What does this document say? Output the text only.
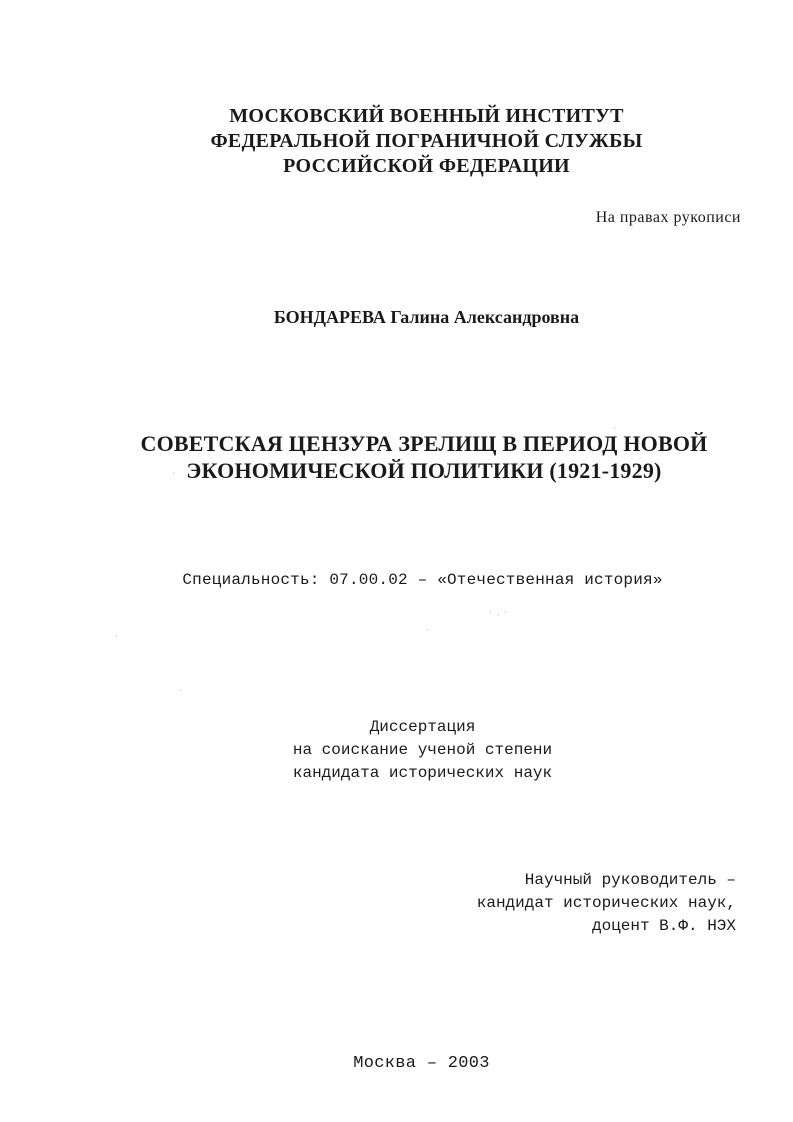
МОСКОВСКИЙ ВОЕННЫЙ ИНСТИТУТ
ФЕДЕРАЛЬНОЙ ПОГРАНИЧНОЙ СЛУЖБЫ
РОССИЙСКОЙ ФЕДЕРАЦИИ
На правах рукописи
БОНДАРЕВА Галина Александровна
СОВЕТСКАЯ ЦЕНЗУРА ЗРЕЛИЩ В ПЕРИОД НОВОЙ
ЭКОНОМИЧЕСКОЙ ПОЛИТИКИ (1921-1929)
Специальность: 07.00.02 – «Отечественная история»
Диссертация
на соискание ученой степени
кандидата исторических наук
Научный руководитель –
кандидат исторических наук,
доцент В.Ф. НЭХ
Москва – 2003
